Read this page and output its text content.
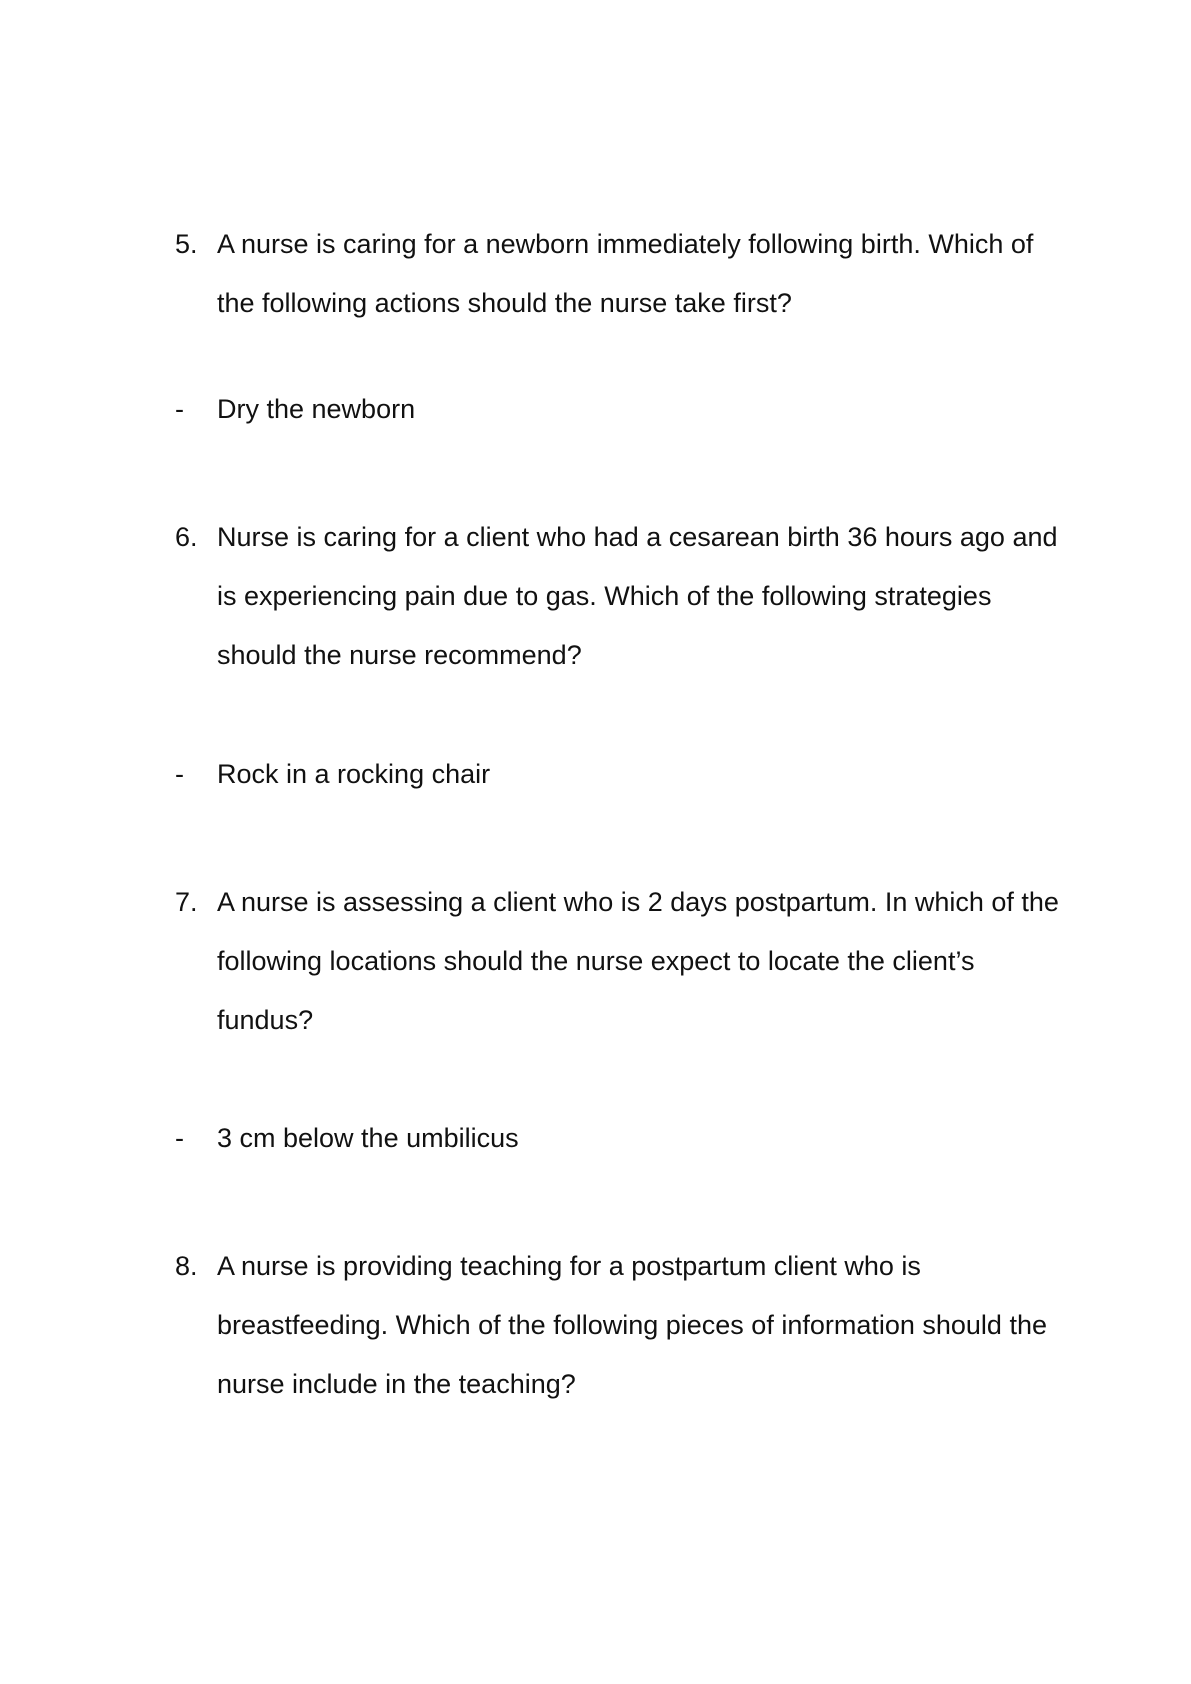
5. A nurse is caring for a newborn immediately following birth. Which of the following actions should the nurse take first?
-	Dry the newborn
6. Nurse is caring for a client who had a cesarean birth 36 hours ago and is experiencing pain due to gas. Which of the following strategies should the nurse recommend?
-	Rock in a rocking chair
7. A nurse is assessing a client who is 2 days postpartum. In which of the following locations should the nurse expect to locate the client’s fundus?
-	3 cm below the umbilicus
8. A nurse is providing teaching for a postpartum client who is breastfeeding. Which of the following pieces of information should the nurse include in the teaching?
